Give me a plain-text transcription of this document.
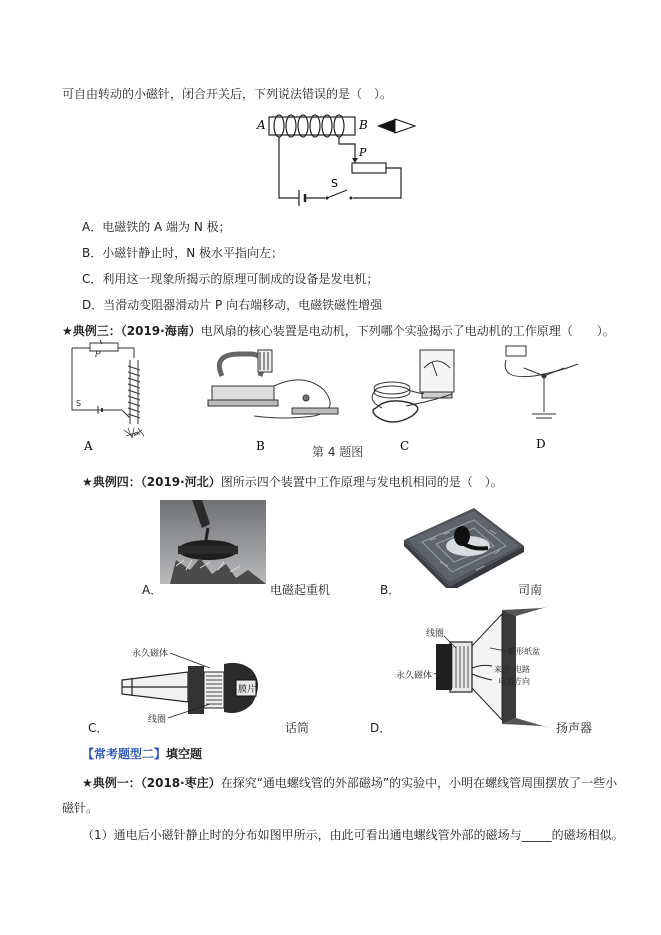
可自由转动的小磁针，闭合开关后，下列说法错误的是（　）。
A	B
P
S
A．电磁铁的 A 端为 N 极；
B．小磁针静止时，N 极水平指向左；
C．利用这一现象所揭示的原理可制成的设备是发电机；
D．当滑动变阻器滑动片 P 向右端移动，电磁铁磁性增强
★典例三：（2019·海南）电风扇的核心装置是电动机，下列哪个实验揭示了电动机的工作原理（　　）。
P
S
A	B	第 4 题图	C	D
★典例四：（2019·河北）图所示四个装置中工作原理与发电机相同的是（　）。
A．	电磁起重机	B．	司南
永久磁体
膜片
线圈
C．	话筒
线圈
永久磁体
锥形纸盆
来自 电路
电流方向
D．	扬声器
【常考题型二】填空题
★典例一：（2018·枣庄）在探究“通电螺线管的外部磁场”的实验中，小明在螺线管周围摆放了一些小
磁针。
（1）通电后小磁针静止时的分布如图甲所示，由此可看出通电螺线管外部的磁场与_____的磁场相似。
